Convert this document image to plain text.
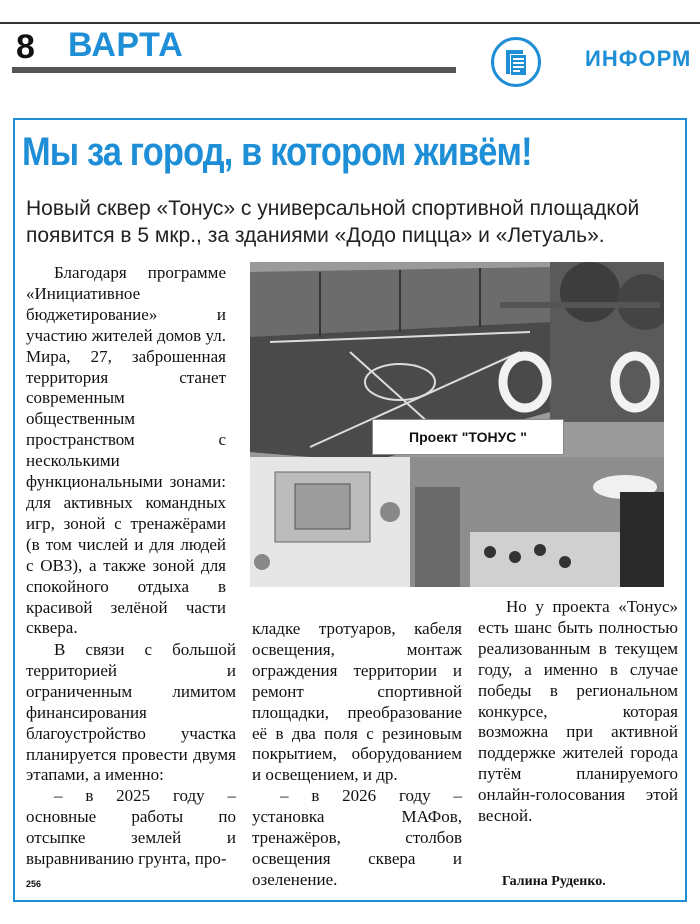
8 ВАРТА	ИНФОРМ
Мы за город, в котором живём!
Новый сквер «Тонус» с универсальной спортивной площадкой появится в 5 мкр., за зданиями «Додо пицца» и «Летуаль».

Благодаря программе «Инициативное бюджетирование» и участию жителей домов ул. Мира, 27, заброшенная территория станет современным общественным пространством с несколькими функциональными зонами: для активных командных игр, зоной с тренажёрами (в том числей и для людей с ОВЗ), а также зоной для спокойного отдыха в красивой зелёной части сквера.

В связи с большой территорией и ограниченным лимитом финансирования благоустройство участка планируется провести двумя этапами, а именно:

– в 2025 году – основные работы по отсыпке землей и выравниванию грунта, про-

Проект "ТОНУС "

кладке тротуаров, кабеля освещения, монтаж ограждения территории и ремонт спортивной площадки, преобразование её в два поля с резиновым покрытием, оборудованием и освещением, и др.

– в 2026 году – установка МАФов, тренажёров, столбов освещения сквера и озеленение.

Но у проекта «Тонус» есть шанс быть полностью реализованным в текущем году, а именно в случае победы в региональном конкурсе, которая возможна при активной поддержке жителей города путём планируемого онлайн-голосования этой весной.

256	Галина Руденко.
